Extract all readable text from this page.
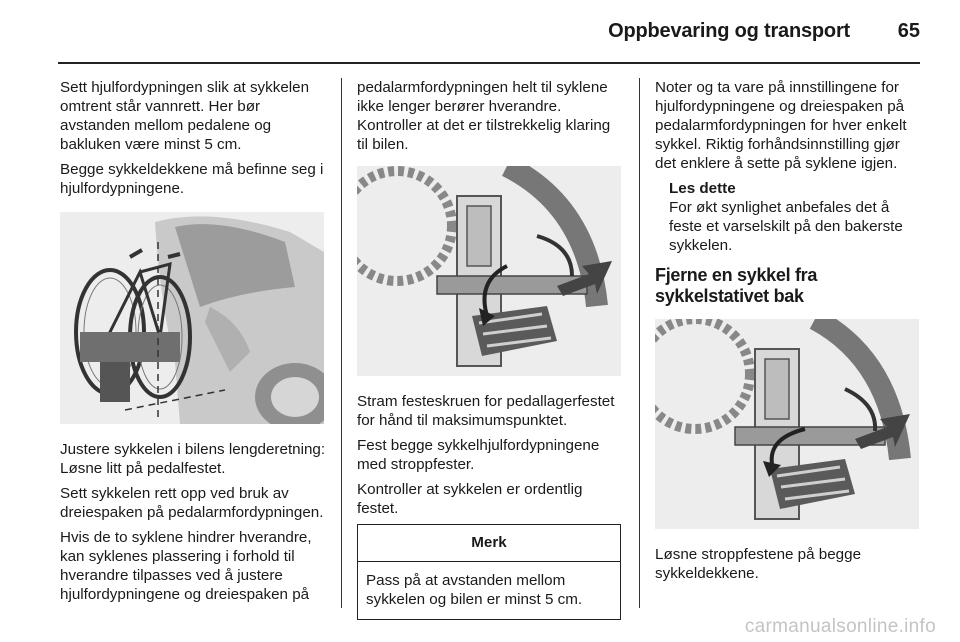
Oppbevaring og transport	65

Sett hjulfordypningen slik at sykkelen omtrent står vannrett. Her bør avstanden mellom pedalene og bakluken være minst 5 cm.

Begge sykkeldekkene må befinne seg i hjulfordypningene.

Justere sykkelen i bilens lengderetning: Løsne litt på pedalfestet.

Sett sykkelen rett opp ved bruk av dreiespaken på pedalarmfordypningen.

Hvis de to syklene hindrer hverandre, kan syklenes plassering i forhold til hverandre tilpasses ved å justere hjulfordypningene og dreiespaken på

pedalarmfordypningen helt til syklene ikke lenger berører hverandre. Kontroller at det er tilstrekkelig klaring til bilen.

Stram festeskruen for pedallagerfestet for hånd til maksimumspunktet.

Fest begge sykkelhjulfordypningene med stroppfester.

Kontroller at sykkelen er ordentlig festet.

Merk
Pass på at avstanden mellom sykkelen og bilen er minst 5 cm.

Noter og ta vare på innstillingene for hjulfordypningene og dreiespaken på pedalarmfordypningen for hver enkelt sykkel. Riktig forhåndsinnstilling gjør det enklere å sette på syklene igjen.

Les dette
For økt synlighet anbefales det å feste et varselskilt på den bakerste sykkelen.
Fjerne en sykkel fra sykkelstativet bak

Løsne stroppfestene på begge sykkeldekkene.

carmanualsonline.info
